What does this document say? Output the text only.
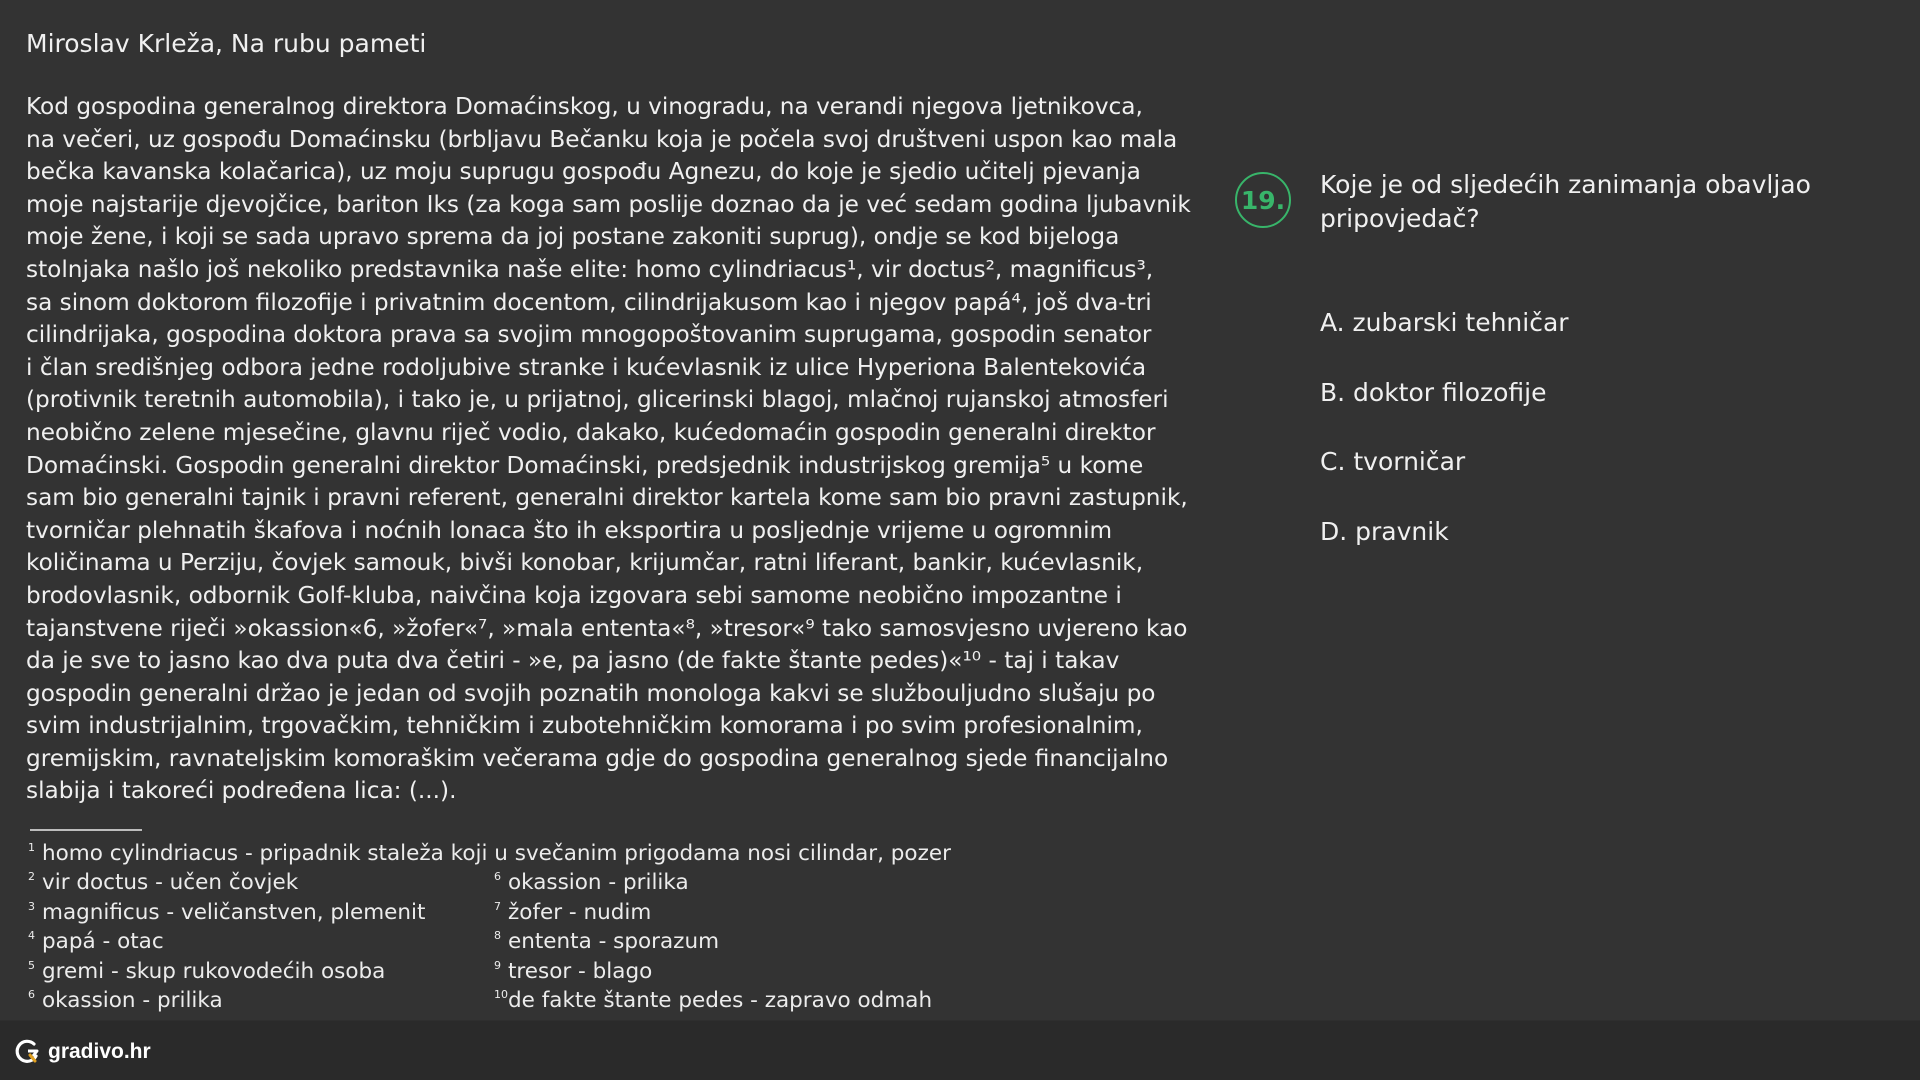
Miroslav Krleža, Na rubu pameti
Kod gospodina generalnog direktora Domaćinskog, u vinogradu, na verandi njegova ljetnikovca,
na večeri, uz gospođu Domaćinsku (brbljavu Bečanku koja je počela svoj društveni uspon kao mala
bečka kavanska kolačarica), uz moju suprugu gospođu Agnezu, do koje je sjedio učitelj pjevanja
moje najstarije djevojčice, bariton Iks (za koga sam poslije doznao da je već sedam godina ljubavnik
moje žene, i koji se sada upravo sprema da joj postane zakoniti suprug), ondje se kod bijeloga
stolnjaka našlo još nekoliko predstavnika naše elite: homo cylindriacus¹, vir doctus², magnificus³,
sa sinom doktorom filozofije i privatnim docentom, cilindrijakusom kao i njegov papá⁴, još dva-tri
cilindrijaka, gospodina doktora prava sa svojim mnogopoštovanim suprugama, gospodin senator
i član središnjeg odbora jedne rodoljubive stranke i kućevlasnik iz ulice Hyperiona Balentekovića
(protivnik teretnih automobila), i tako je, u prijatnoj, glicerinski blagoj, mlačnoj rujanskoj atmosferi
neobično zelene mjesečine, glavnu riječ vodio, dakako, kućedomaćin gospodin generalni direktor
Domaćinski. Gospodin generalni direktor Domaćinski, predsjednik industrijskog gremija⁵ u kome
sam bio generalni tajnik i pravni referent, generalni direktor kartela kome sam bio pravni zastupnik,
tvorničar plehnatih škafova i noćnih lonaca što ih eksportira u posljednje vrijeme u ogromnim
količinama u Perziju, čovjek samouk, bivši konobar, krijumčar, ratni liferant, bankir, kućevlasnik,
brodovlasnik, odbornik Golf-kluba, naivčina koja izgovara sebi samome neobično impozantne i
tajanstvene riječi »okassion«6, »žofer«⁷, »mala ententa«⁸, »tresor«⁹ tako samosvjesno uvjereno kao
da je sve to jasno kao dva puta dva četiri - »e, pa jasno (de fakte štante pedes)«¹⁰ - taj i takav
gospodin generalni držao je jedan od svojih poznatih monologa kakvi se službouljudno slušaju po
svim industrijalnim, trgovačkim, tehničkim i zubotehničkim komorama i po svim profesionalnim,
gremijskim, ravnateljskim komoraškim večerama gdje do gospodina generalnog sjede financijalno
slabija i takoreći podređena lica: (...).
1 homo cylindriacus - pripadnik staleža koji u svečanim prigodama nosi cilindar, pozer
2 vir doctus - učen čovjek
3 magnificus - veličanstven, plemenit
4 papá - otac
5 gremi - skup rukovodećih osoba
6 okassion - prilika
6 okassion - prilika
7 žofer - nudim
8 ententa - sporazum
9 tresor - blago
10de fakte štante pedes - zapravo odmah
19.
Koje je od sljedećih zanimanja obavljao pripovjedač?
A. zubarski tehničar
B. doktor filozofije
C. tvorničar
D. pravnik
gradivo.hr
